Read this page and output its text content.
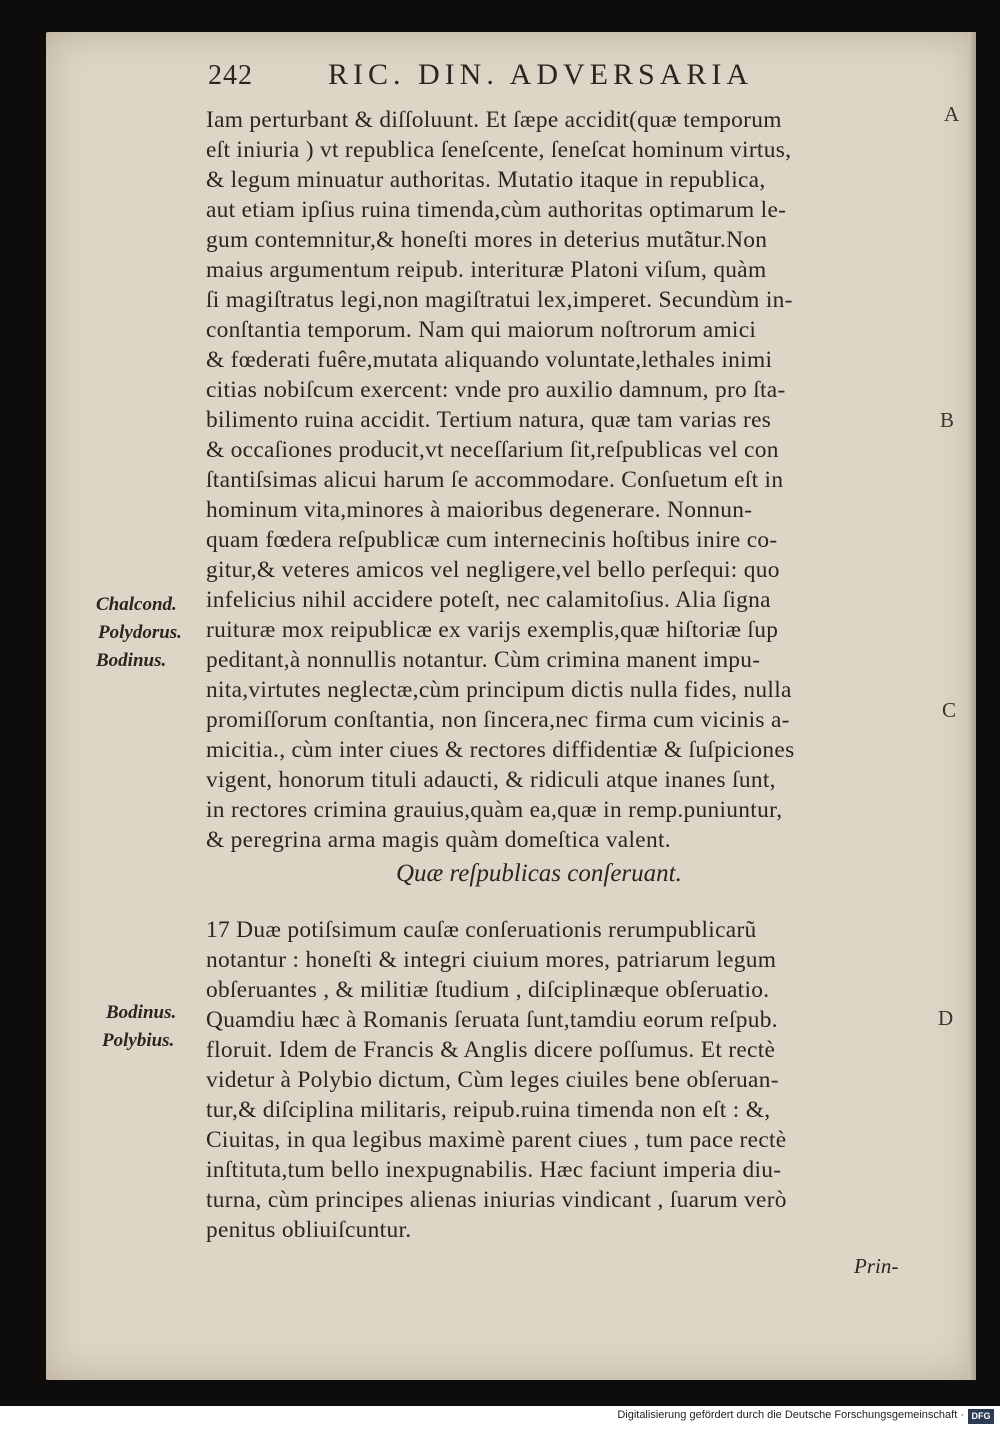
242	RIC. DIN. ADVERSARIA
Iam perturbant & diſſoluunt. Et ſæpe accidit(quæ temporum
eſt iniuria ) vt republica ſeneſcente, ſeneſcat hominum virtus,
& legum minuatur authoritas. Mutatio itaque in republica,
aut etiam ipſius ruina timenda,cùm authoritas optimarum le-
gum contemnitur,& honeſti mores in deterius mutãtur.Non
maius argumentum reipub. interituræ Platoni viſum, quàm
ſi magiſtratus legi,non magiſtratui lex,imperet. Secundùm in-
conſtantia temporum. Nam qui maiorum noſtrorum amici
& fœderati fuêre,mutata aliquando voluntate,lethales inimi
citias nobiſcum exercent: vnde pro auxilio damnum, pro ſta-
bilimento ruina accidit. Tertium natura, quæ tam varias res
& occaſiones producit,vt neceſſarium ſit,reſpublicas vel con
ſtantiſsimas alicui harum ſe accommodare. Conſuetum eſt in
hominum vita,minores à maioribus degenerare. Nonnun-
quam fœdera reſpublicæ cum internecinis hoſtibus inire co-
gitur,& veteres amicos vel negligere,vel bello perſequi: quo
infelicius nihil accidere poteſt, nec calamitoſius. Alia ſigna
ruituræ mox reipublicæ ex varijs exemplis,quæ hiſtoriæ ſup
peditant,à nonnullis notantur. Cùm crimina manent impu-
nita,virtutes neglectæ,cùm principum dictis nulla fides, nulla
promiſſorum conſtantia, non ſincera,nec firma cum vicinis a-
micitia., cùm inter ciues & rectores diffidentiæ & ſuſpiciones
vigent, honorum tituli adaucti, & ridiculi atque inanes ſunt,
in rectores crimina grauius,quàm ea,quæ in remp.puniuntur,
& peregrina arma magis quàm domeſtica valent.
Quæ reſpublicas conſeruant.
17 Duæ potiſsimum cauſæ conſeruationis rerumpublicarũ
notantur : honeſti & integri ciuium mores, patriarum legum
obſeruantes , & militiæ ſtudium , diſciplinæque obſeruatio.
Quamdiu hæc à Romanis ſeruata ſunt,tamdiu eorum reſpub.
floruit. Idem de Francis & Anglis dicere poſſumus. Et rectè
videtur à Polybio dictum, Cùm leges ciuiles bene obſeruan-
tur,& diſciplina militaris, reipub.ruina timenda non eſt : &,
Ciuitas, in qua legibus maximè parent ciues , tum pace rectè
inſtituta,tum bello inexpugnabilis. Hæc faciunt imperia diu-
turna, cùm principes alienas iniurias vindicant , ſuarum verò
penitus obliuiſcuntur.
Chalcond.
Polydorus.
Bodinus.
Bodinus.
Polybius.
A
B
C
D
Prin-
Digitalisierung gefördert durch die Deutsche Forschungsgemeinschaft · DFG
